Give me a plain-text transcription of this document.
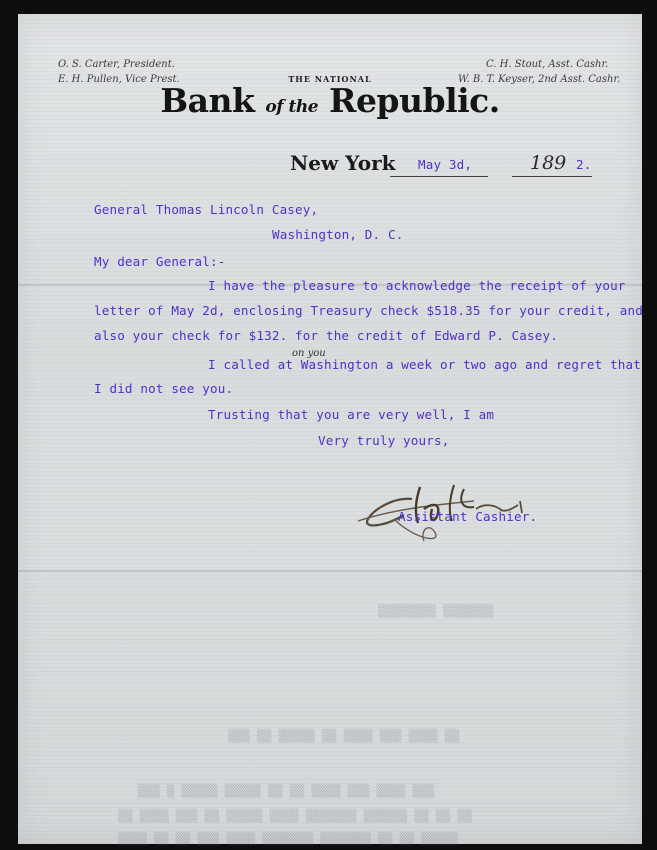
O. S. Carter, President.
E. H. Pullen, Vice Prest.
C. H. Stout, Asst. Cashr.
W. B. T. Keyser, 2nd Asst. Cashr.
THE NATIONAL
Bank of the Republic.
New York May 3d,	189 2.
General Thomas Lincoln Casey,
Washington, D. C.
My dear General:-
I have the pleasure to acknowledge the receipt of your
letter of May 2d, enclosing Treasury check $518.35 for your credit, and
also your check for $132. for the credit of Edward P. Casey.
on you
I called at Washington a week or two ago and regret that
I did not see you.
Trusting that you are very well, I am
Very truly yours,
Assistant Cashier.
▒▒▒▒▒▒▒▒ ▒▒▒▒▒▒▒
▒▒▒ ▒▒ ▒▒▒▒▒ ▒▒ ▒▒▒▒ ▒▒▒ ▒▒▒▒ ▒▒
▒▒▒ ▒ ▒▒▒▒▒ ▒▒▒▒▒ ▒▒ ▒▒ ▒▒▒▒ ▒▒▒ ▒▒▒▒ ▒▒▒
▒▒ ▒▒▒▒ ▒▒▒ ▒▒ ▒▒▒▒▒ ▒▒▒▒ ▒▒▒▒▒▒▒ ▒▒▒▒▒▒ ▒▒ ▒▒ ▒▒
▒▒▒▒ ▒▒ ▒▒ ▒▒▒ ▒▒▒▒ ▒▒▒▒▒▒▒ ▒▒▒▒▒▒▒ ▒▒ ▒▒ ▒▒▒▒▒
